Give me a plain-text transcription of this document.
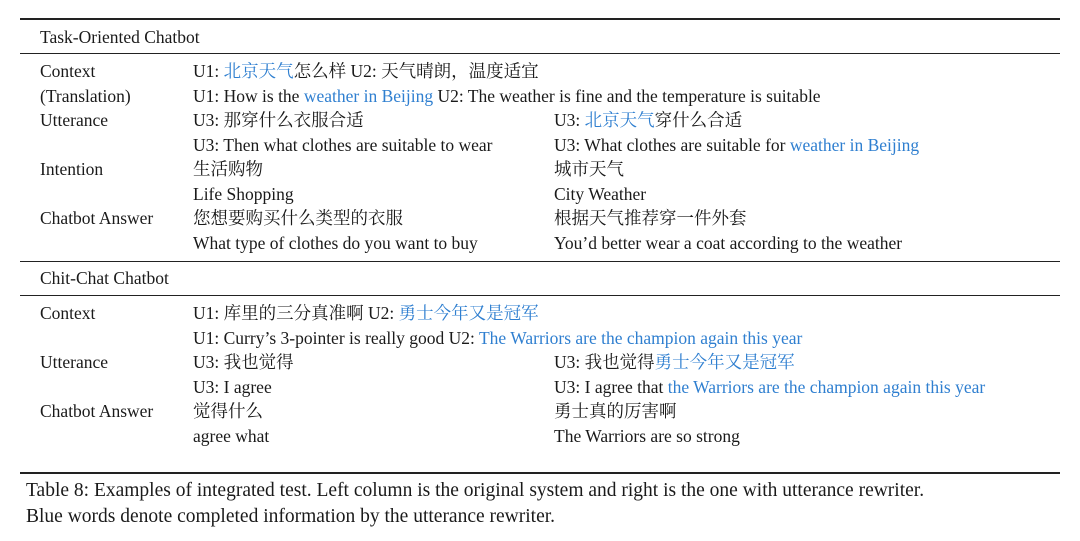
Task-Oriented Chatbot
Context	U1: 北京天气怎么样 U2: 天气晴朗，温度适宜
(Translation)	U1: How is the weather in Beijing U2: The weather is fine and the temperature is suitable
Utterance	U3: 那穿什么衣服合适	U3: 北京天气穿什么合适
U3: Then what clothes are suitable to wear	U3: What clothes are suitable for weather in Beijing
Intention	生活购物	城市天气
Life Shopping	City Weather
Chatbot Answer 您想要购买什么类型的衣服	根据天气推荐穿一件外套
What type of clothes do you want to buy	You’d better wear a coat according to the weather
Chit-Chat Chatbot
Context	U1: 库里的三分真准啊 U2: 勇士今年又是冠军
U1: Curry’s 3-pointer is really good U2: The Warriors are the champion again this year
Utterance	U3: 我也觉得	U3: 我也觉得勇士今年又是冠军
U3: I agree	U3: I agree that the Warriors are the champion again this year
Chatbot Answer 觉得什么	勇士真的厉害啊
agree what	The Warriors are so strong
Table 8: Examples of integrated test. Left column is the original system and right is the one with utterance rewriter.
Blue words denote completed information by the utterance rewriter.
